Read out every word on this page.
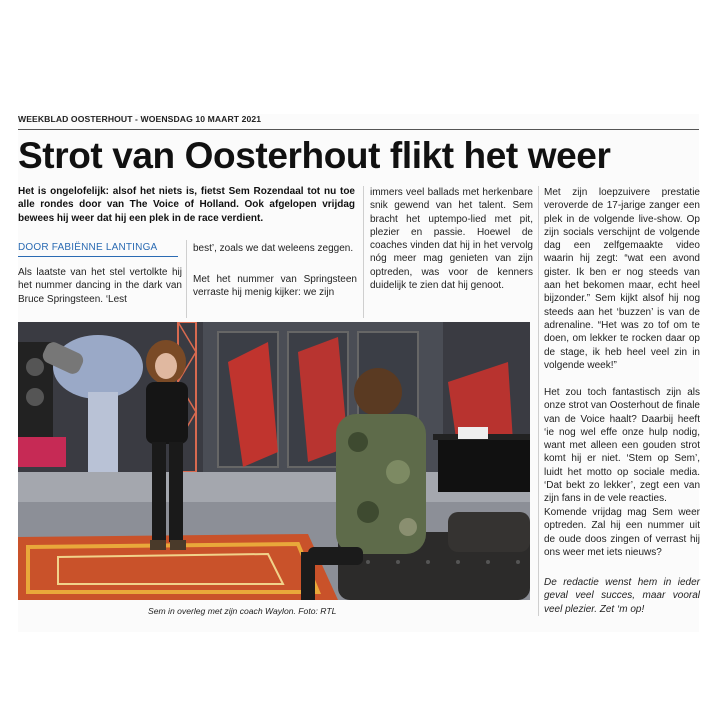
WEEKBLAD OOSTERHOUT - WOENSDAG 10 MAART 2021
Strot van Oosterhout flikt het weer

Het is ongelofelijk: alsof het niets is, fietst Sem Rozendaal tot nu toe alle rondes door van The Voice of Holland. Ook afgelopen vrijdag bewees hij weer dat hij een plek in de race verdient.

DOOR FABIËNNE LANTINGA

Als laatste van het stel vertolkte hij het nummer dancing in the dark van Bruce Springsteen. ‘Lest

best’, zoals we dat weleens zeggen.

Met het nummer van Springsteen verraste hij menig kijker: we zijn

immers veel ballads met herkenbare snik gewend van het talent. Sem bracht het uptempo-lied met pit, plezier en passie. Hoewel de coaches vinden dat hij in het vervolg nóg meer mag genieten van zijn optreden, was voor de kenners duidelijk te zien dat hij genoot.

Met zijn loepzuivere prestatie veroverde de 17-jarige zanger een plek in de volgende live-show. Op zijn socials verschijnt de volgende dag een zelfgemaakte video waarin hij zegt: “wat een avond gister. Ik ben er nog steeds van aan het bekomen maar, echt heel bijzonder.” Sem kijkt alsof hij nog steeds aan het ‘buzzen’ is van de adrenaline. “Het was zo tof om te doen, om lekker te rocken daar op de stage, ik heb heel veel zin in volgende week!”

Het zou toch fantastisch zijn als onze strot van Oosterhout de finale van de Voice haalt? Daarbij heeft ‘ie nog wel effe onze hulp nodig, want met alleen een gouden strot komt hij er niet. ‘Stem op Sem’, luidt het motto op sociale media. ‘Dat bekt zo lekker’, zegt een van zijn fans in de vele reacties.

Komende vrijdag mag Sem weer optreden. Zal hij een nummer uit de oude doos zingen of verrast hij ons weer met iets nieuws?

De redactie wenst hem in ieder geval veel succes, maar vooral veel plezier. Zet ‘m op!

Sem in overleg met zijn coach Waylon. Foto: RTL
